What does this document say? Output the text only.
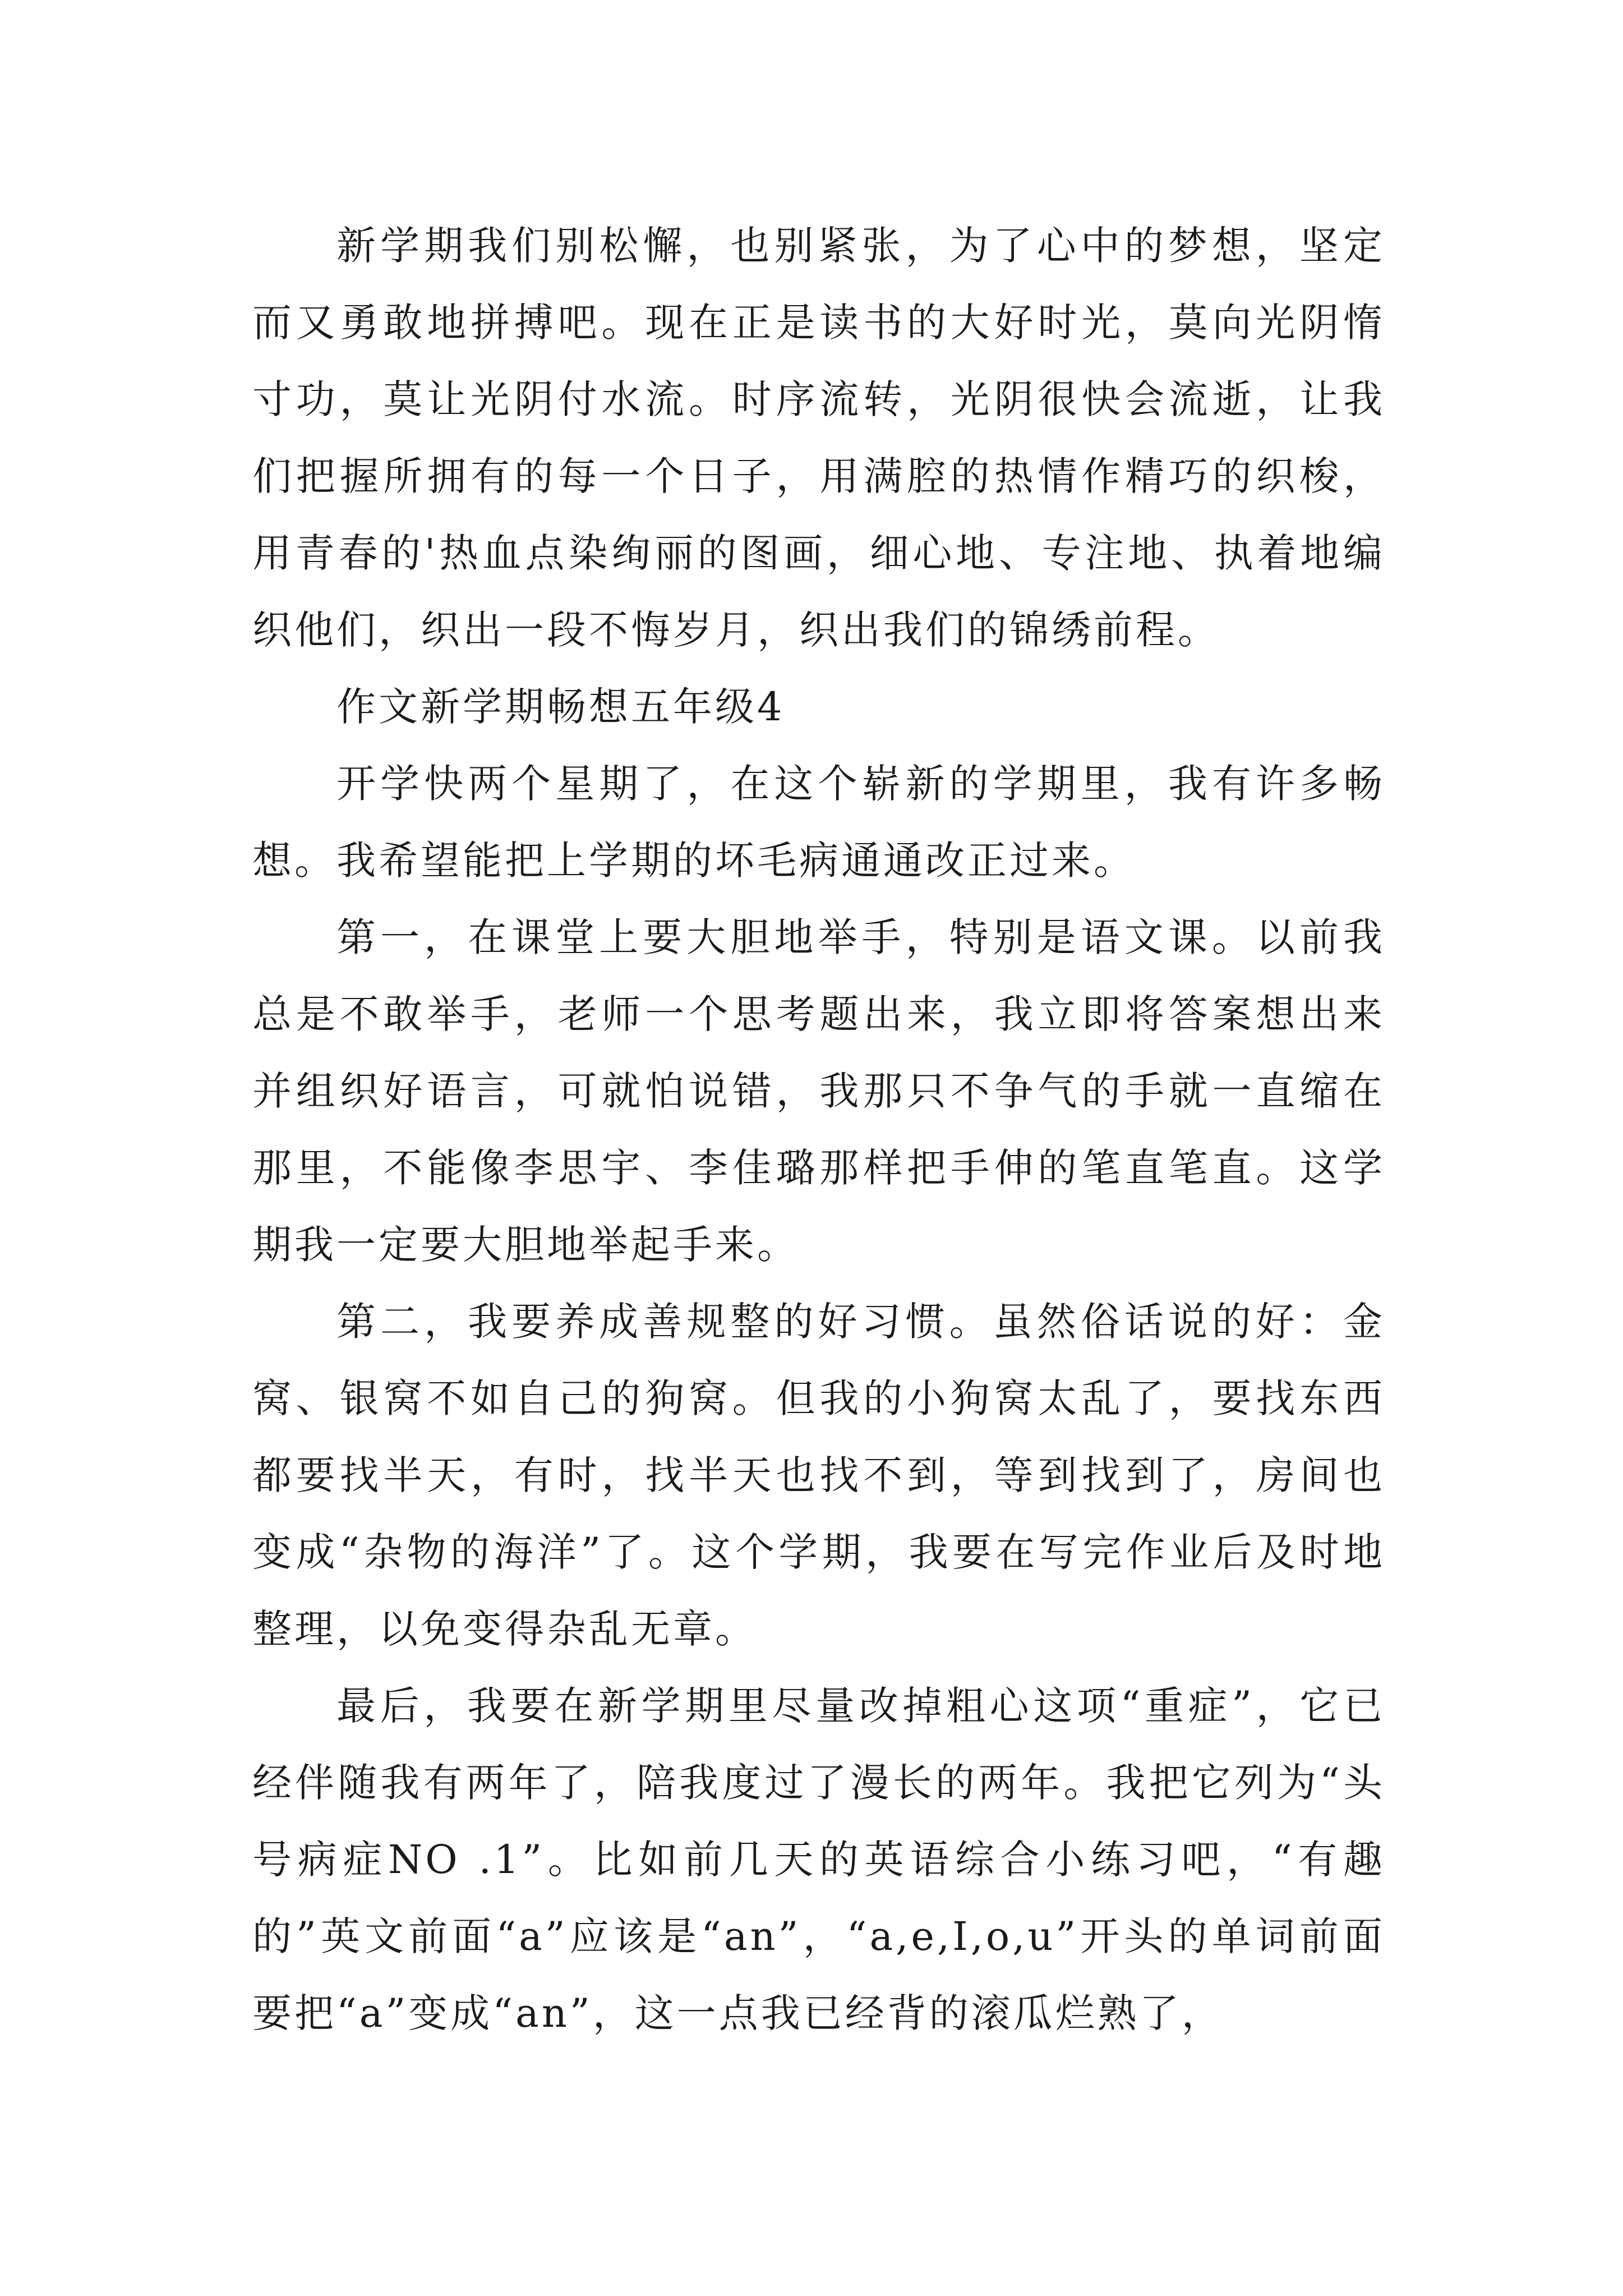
新学期我们别松懈，也别紧张，为了心中的梦想，坚定而又勇敢地拼搏吧。现在正是读书的大好时光，莫向光阴惰寸功，莫让光阴付水流。时序流转，光阴很快会流逝，让我们把握所拥有的每一个日子，用满腔的热情作精巧的织梭，用青春的'热血点染绚丽的图画，细心地、专注地、执着地编织他们，织出一段不悔岁月，织出我们的锦绣前程。

作文新学期畅想五年级4

开学快两个星期了，在这个崭新的学期里，我有许多畅想。我希望能把上学期的坏毛病通通改正过来。

第一，在课堂上要大胆地举手，特别是语文课。以前我总是不敢举手，老师一个思考题出来，我立即将答案想出来并组织好语言，可就怕说错，我那只不争气的手就一直缩在那里，不能像李思宇、李佳璐那样把手伸的笔直笔直。这学期我一定要大胆地举起手来。

第二，我要养成善规整的好习惯。虽然俗话说的好：金窝、银窝不如自己的狗窝。但我的小狗窝太乱了，要找东西都要找半天，有时，找半天也找不到，等到找到了，房间也变成“杂物的海洋”了。这个学期，我要在写完作业后及时地整理，以免变得杂乱无章。

最后，我要在新学期里尽量改掉粗心这项“重症”，它已经伴随我有两年了，陪我度过了漫长的两年。我把它列为“头号病症NO .1”。比如前几天的英语综合小练习吧，“有趣的”英文前面“a”应该是“an”，“a,e,I,o,u”开头的单词前面要把“a”变成“an”，这一点我已经背的滚瓜烂熟了，
